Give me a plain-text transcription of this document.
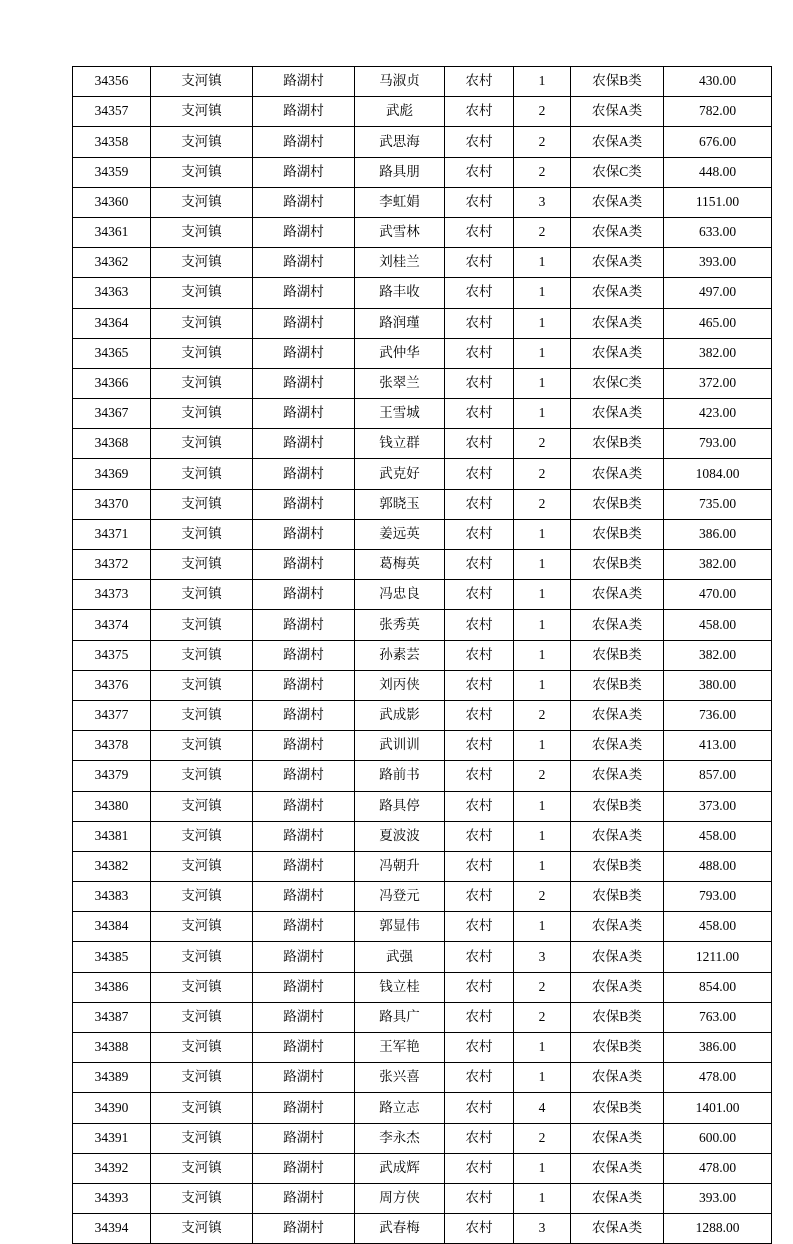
34356	支河镇	路湖村	马淑贞	农村	1	农保B类	430.00
34357	支河镇	路湖村	武彪	农村	2	农保A类	782.00
34358	支河镇	路湖村	武思海	农村	2	农保A类	676.00
34359	支河镇	路湖村	路具朋	农村	2	农保C类	448.00
34360	支河镇	路湖村	李虹娟	农村	3	农保A类	1151.00
34361	支河镇	路湖村	武雪林	农村	2	农保A类	633.00
34362	支河镇	路湖村	刘桂兰	农村	1	农保A类	393.00
34363	支河镇	路湖村	路丰收	农村	1	农保A类	497.00
34364	支河镇	路湖村	路润瑾	农村	1	农保A类	465.00
34365	支河镇	路湖村	武仲华	农村	1	农保A类	382.00
34366	支河镇	路湖村	张翠兰	农村	1	农保C类	372.00
34367	支河镇	路湖村	王雪城	农村	1	农保A类	423.00
34368	支河镇	路湖村	钱立群	农村	2	农保B类	793.00
34369	支河镇	路湖村	武克好	农村	2	农保A类	1084.00
34370	支河镇	路湖村	郭晓玉	农村	2	农保B类	735.00
34371	支河镇	路湖村	姜远英	农村	1	农保B类	386.00
34372	支河镇	路湖村	葛梅英	农村	1	农保B类	382.00
34373	支河镇	路湖村	冯忠良	农村	1	农保A类	470.00
34374	支河镇	路湖村	张秀英	农村	1	农保A类	458.00
34375	支河镇	路湖村	孙素芸	农村	1	农保B类	382.00
34376	支河镇	路湖村	刘丙侠	农村	1	农保B类	380.00
34377	支河镇	路湖村	武成影	农村	2	农保A类	736.00
34378	支河镇	路湖村	武训训	农村	1	农保A类	413.00
34379	支河镇	路湖村	路前书	农村	2	农保A类	857.00
34380	支河镇	路湖村	路具停	农村	1	农保B类	373.00
34381	支河镇	路湖村	夏波波	农村	1	农保A类	458.00
34382	支河镇	路湖村	冯朝升	农村	1	农保B类	488.00
34383	支河镇	路湖村	冯登元	农村	2	农保B类	793.00
34384	支河镇	路湖村	郭显伟	农村	1	农保A类	458.00
34385	支河镇	路湖村	武强	农村	3	农保A类	1211.00
34386	支河镇	路湖村	钱立桂	农村	2	农保A类	854.00
34387	支河镇	路湖村	路具广	农村	2	农保B类	763.00
34388	支河镇	路湖村	王军艳	农村	1	农保B类	386.00
34389	支河镇	路湖村	张兴喜	农村	1	农保A类	478.00
34390	支河镇	路湖村	路立志	农村	4	农保B类	1401.00
34391	支河镇	路湖村	李永杰	农村	2	农保A类	600.00
34392	支河镇	路湖村	武成辉	农村	1	农保A类	478.00
34393	支河镇	路湖村	周方侠	农村	1	农保A类	393.00
34394	支河镇	路湖村	武春梅	农村	3	农保A类	1288.00
